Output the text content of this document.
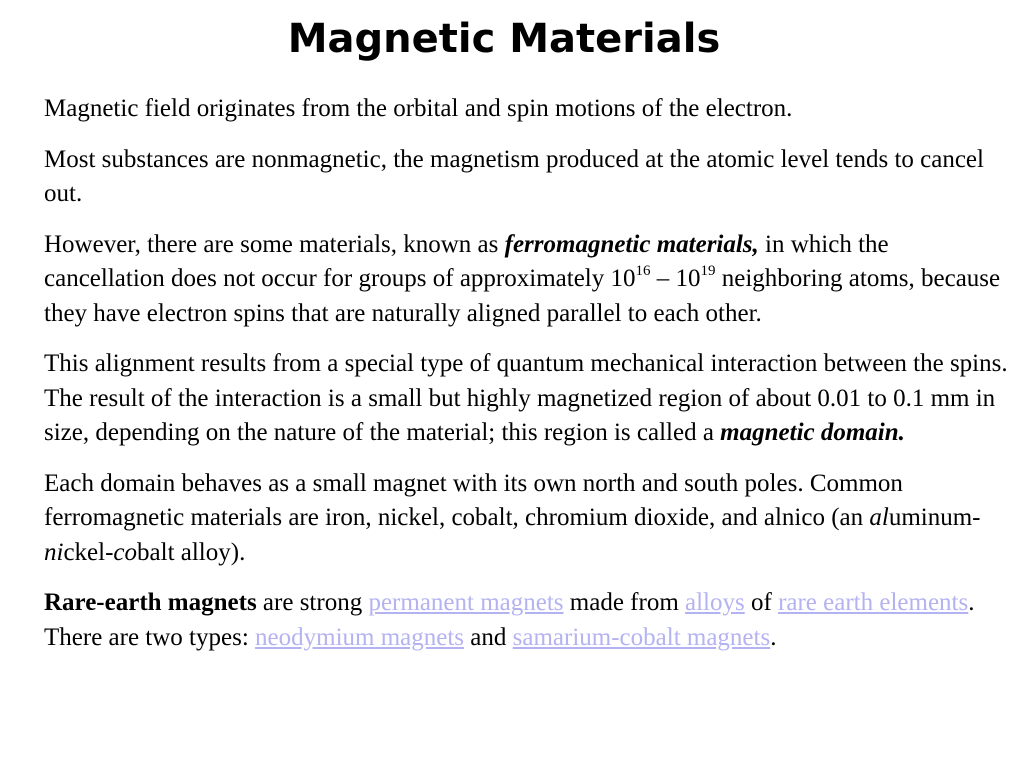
Magnetic Materials

Magnetic field originates from the orbital and spin motions of the electron.

Most substances are nonmagnetic, the magnetism produced at the atomic level tends to cancel out.

However, there are some materials, known as ferromagnetic materials, in which the cancellation does not occur for groups of approximately $10^{16} - 10^{19}$ neighboring atoms, because they have electron spins that are naturally aligned parallel to each other.

This alignment results from a special type of quantum mechanical interaction between the spins. The result of the interaction is a small but highly magnetized region of about 0.01 to 0.1 mm in size, depending on the nature of the material; this region is called a magnetic domain.

Each domain behaves as a small magnet with its own north and south poles. Common ferromagnetic materials are iron, nickel, cobalt, chromium dioxide, and alnico (an aluminum-nickel-cobalt alloy).

Rare-earth magnets are strong permanent magnets made from alloys of rare earth elements. There are two types: neodymium magnets and samarium-cobalt magnets.
